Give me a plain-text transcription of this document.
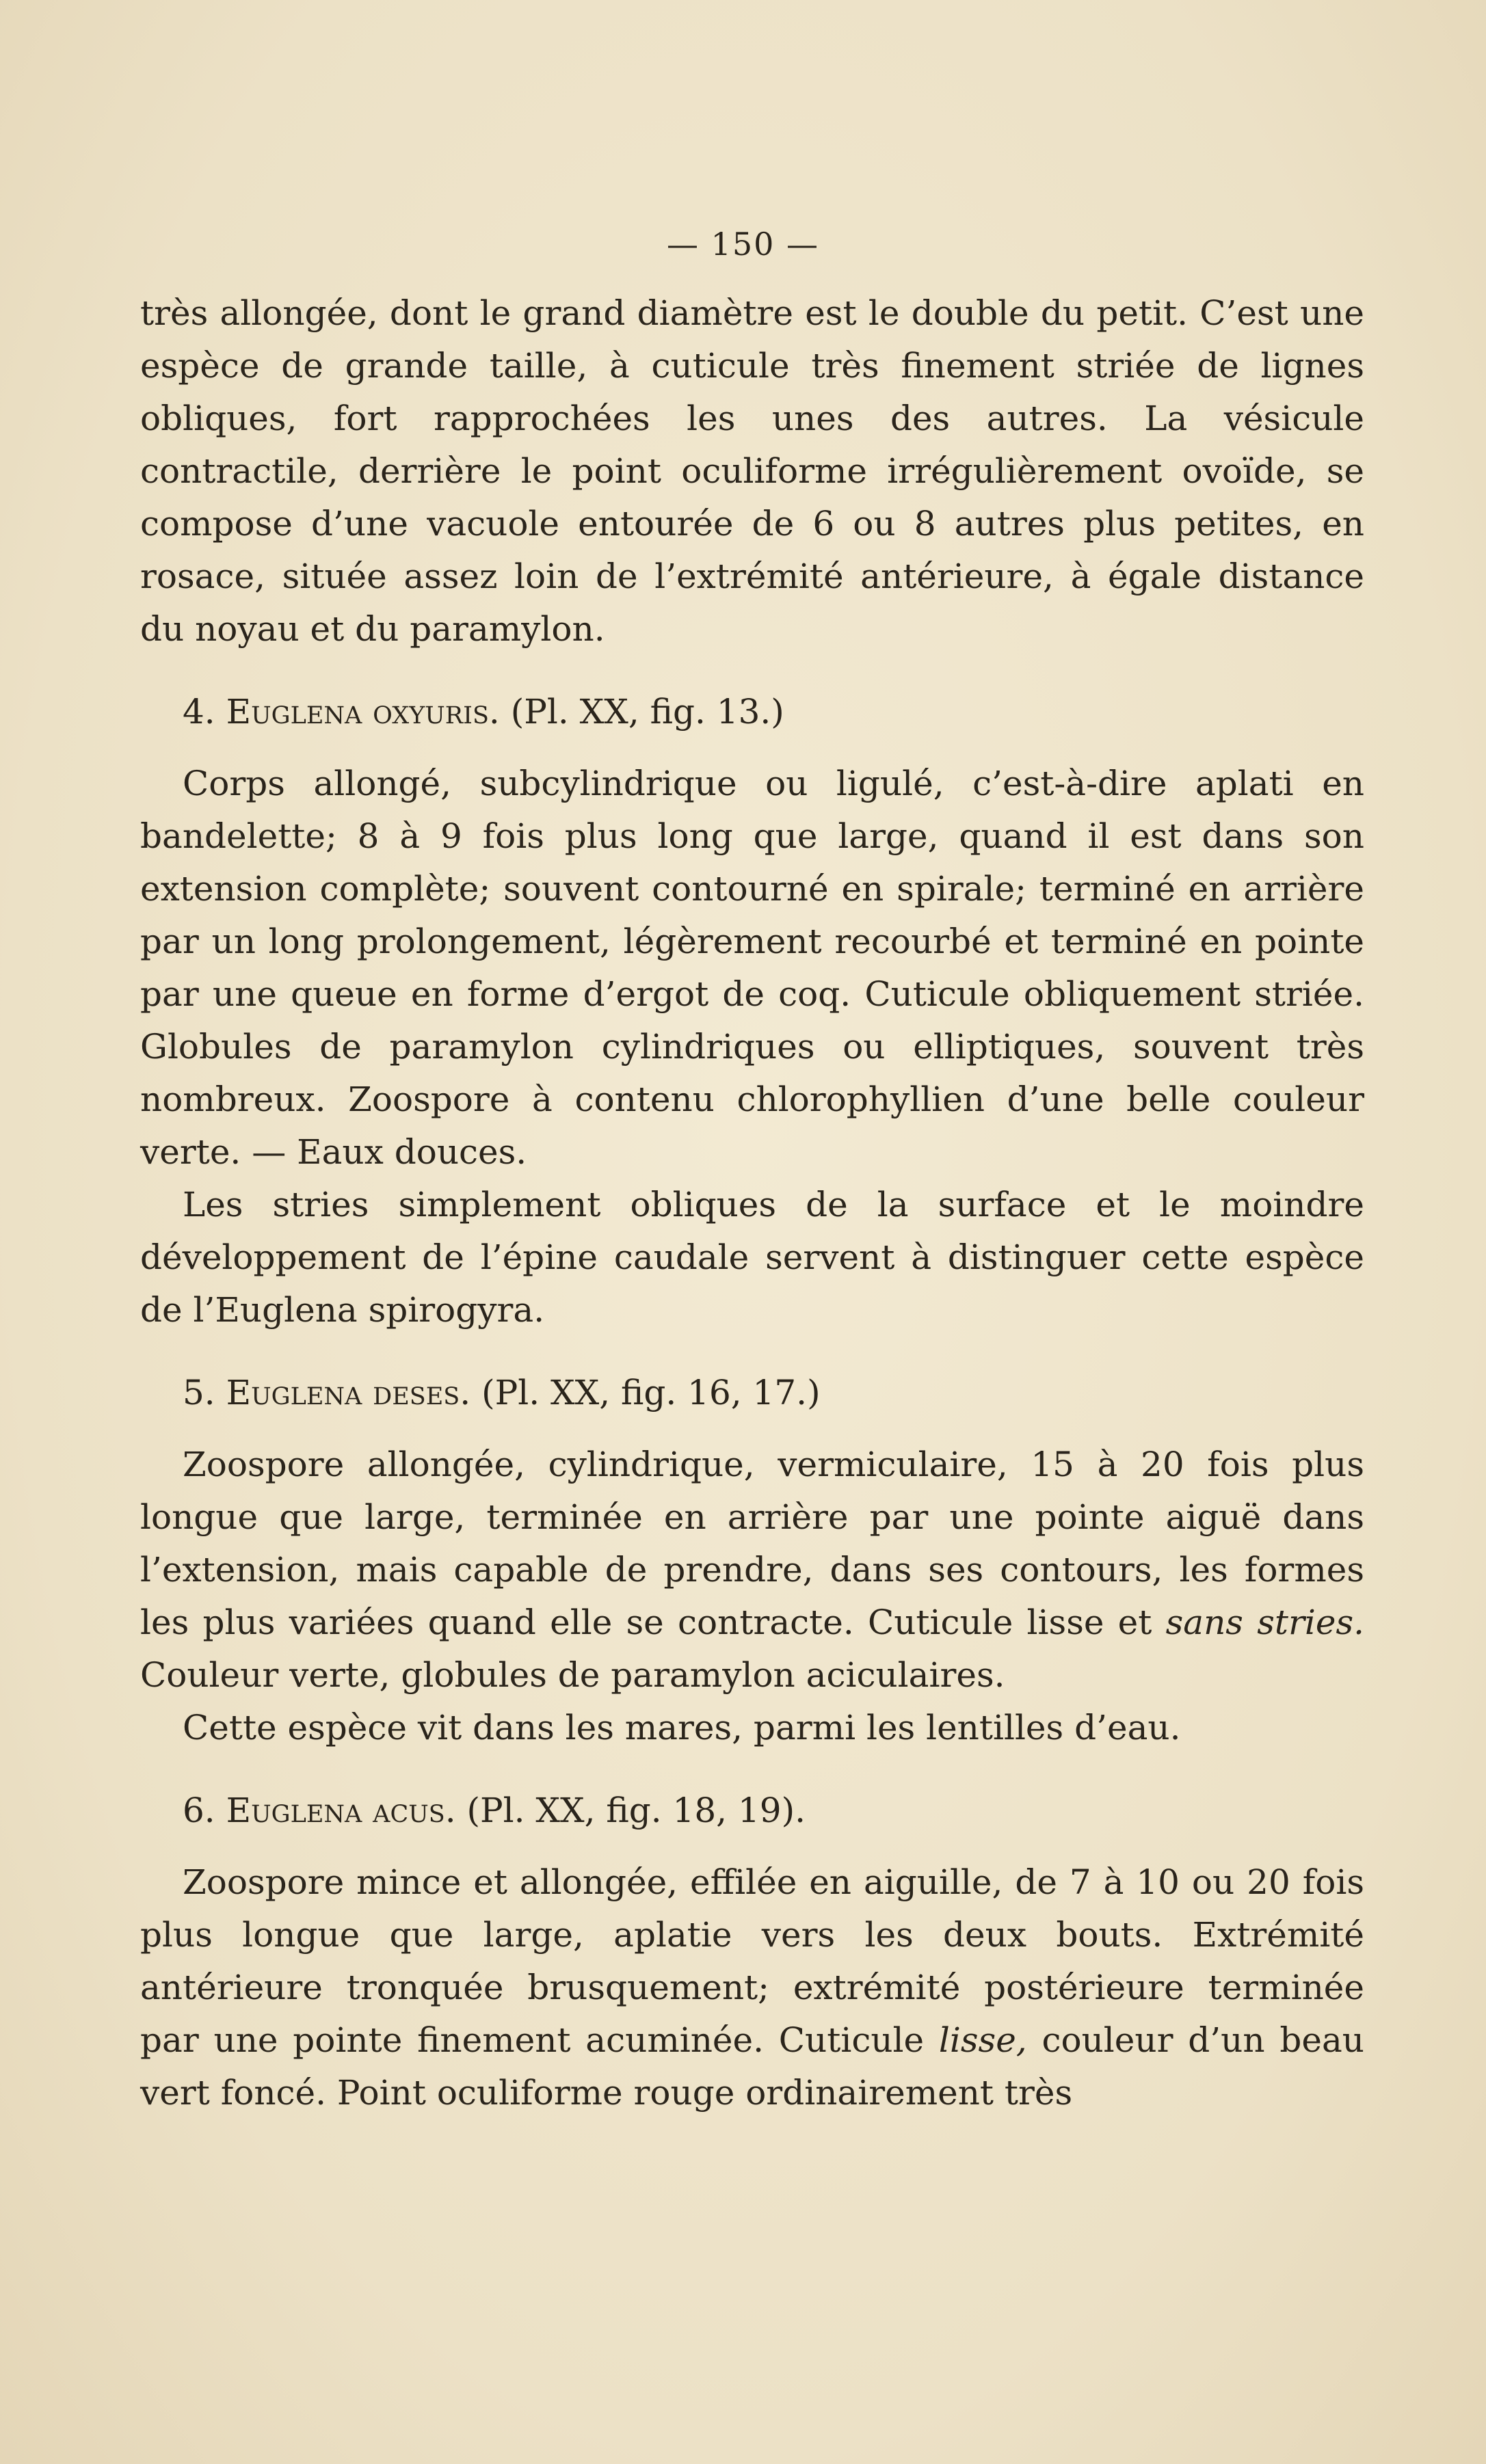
— 150 —

très allongée, dont le grand diamètre est le double du petit. C’est une espèce de grande taille, à cuticule très finement striée de lignes obliques, fort rapprochées les unes des autres. La vésicule contractile, derrière le point oculiforme irrégulièrement ovoïde, se compose d’une vacuole entourée de 6 ou 8 autres plus petites, en rosace, située assez loin de l’extrémité antérieure, à égale distance du noyau et du paramylon.

4. Euglena oxyuris. (Pl. XX, fig. 13.)

Corps allongé, subcylindrique ou ligulé, c’est-à-dire aplati en bandelette; 8 à 9 fois plus long que large, quand il est dans son extension complète; souvent contourné en spirale; terminé en arrière par un long prolongement, légèrement recourbé et terminé en pointe par une queue en forme d’ergot de coq. Cuticule obliquement striée. Globules de paramylon cylindriques ou elliptiques, souvent très nombreux. Zoospore à contenu chlorophyllien d’une belle couleur verte. — Eaux douces.

Les stries simplement obliques de la surface et le moindre développement de l’épine caudale servent à distinguer cette espèce de l’Euglena spirogyra.

5. Euglena deses. (Pl. XX, fig. 16, 17.)

Zoospore allongée, cylindrique, vermiculaire, 15 à 20 fois plus longue que large, terminée en arrière par une pointe aiguë dans l’extension, mais capable de prendre, dans ses contours, les formes les plus variées quand elle se contracte. Cuticule lisse et sans stries. Couleur verte, globules de paramylon aciculaires.

Cette espèce vit dans les mares, parmi les lentilles d’eau.

6. Euglena acus. (Pl. XX, fig. 18, 19).

Zoospore mince et allongée, effilée en aiguille, de 7 à 10 ou 20 fois plus longue que large, aplatie vers les deux bouts. Extrémité antérieure tronquée brusquement; extrémité postérieure terminée par une pointe finement acuminée. Cuticule lisse, couleur d’un beau vert foncé. Point oculiforme rouge ordinairement très
